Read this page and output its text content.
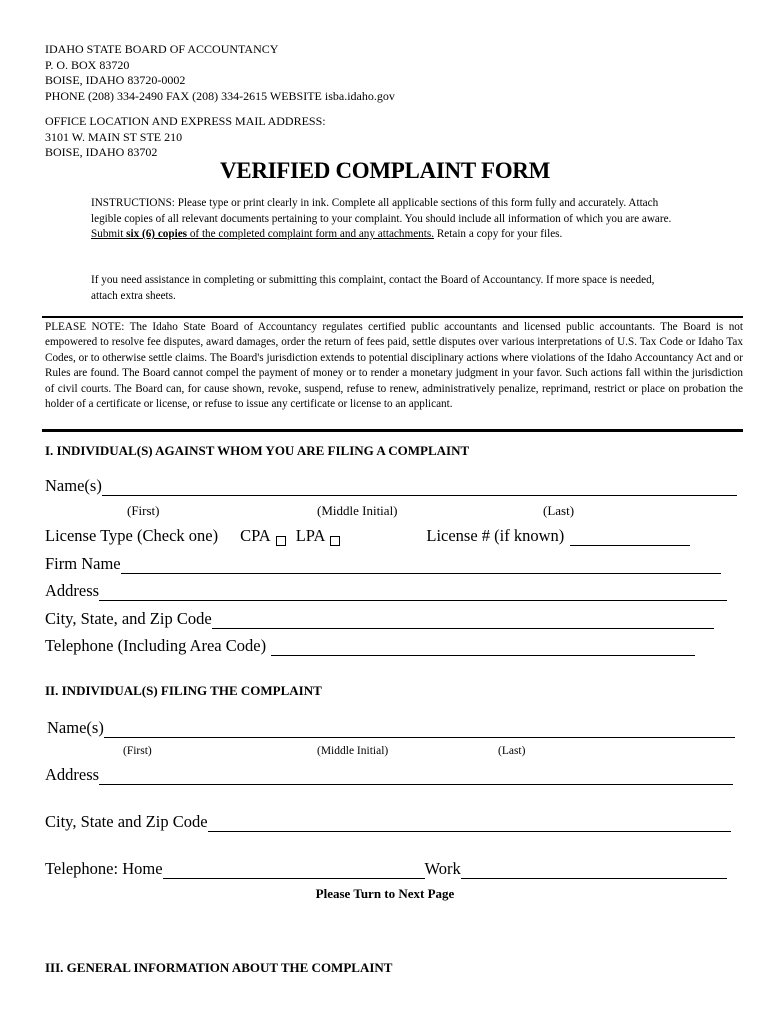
IDAHO STATE BOARD OF ACCOUNTANCY
P. O. BOX 83720
BOISE, IDAHO 83720-0002
PHONE (208) 334-2490 FAX (208) 334-2615 WEBSITE isba.idaho.gov
OFFICE LOCATION AND EXPRESS MAIL ADDRESS:
3101 W. MAIN ST STE 210
BOISE, IDAHO 83702
VERIFIED COMPLAINT FORM
INSTRUCTIONS: Please type or print clearly in ink. Complete all applicable sections of this form fully and accurately. Attach legible copies of all relevant documents pertaining to your complaint. You should include all information of which you are aware. Submit six (6) copies of the completed complaint form and any attachments. Retain a copy for your files.
If you need assistance in completing or submitting this complaint, contact the Board of Accountancy. If more space is needed, attach extra sheets.
PLEASE NOTE: The Idaho State Board of Accountancy regulates certified public accountants and licensed public accountants. The Board is not empowered to resolve fee disputes, award damages, order the return of fees paid, settle disputes over various interpretations of U.S. Tax Code or Idaho Tax Codes, or to otherwise settle claims. The Board's jurisdiction extends to potential disciplinary actions where violations of the Idaho Accountancy Act and or Rules are found. The Board cannot compel the payment of money or to render a monetary judgment in your favor. Such actions fall within the jurisdiction of civil courts. The Board can, for cause shown, revoke, suspend, refuse to renew, administratively penalize, reprimand, restrict or place on probation the holder of a certificate or license, or refuse to issue any certificate or license to an applicant.
I. INDIVIDUAL(S) AGAINST WHOM YOU ARE FILING A COMPLAINT
Name(s)
(First)	(Middle Initial)	(Last)
License Type (Check one) CPA LPA	License # (if known)
Firm Name
Address
City, State, and Zip Code
Telephone (Including Area Code)
II. INDIVIDUAL(S) FILING THE COMPLAINT
Name(s)
(First)	(Middle Initial)	(Last)
Address
City, State and Zip Code
Telephone: Home	Work
Please Turn to Next Page
III. GENERAL INFORMATION ABOUT THE COMPLAINT
